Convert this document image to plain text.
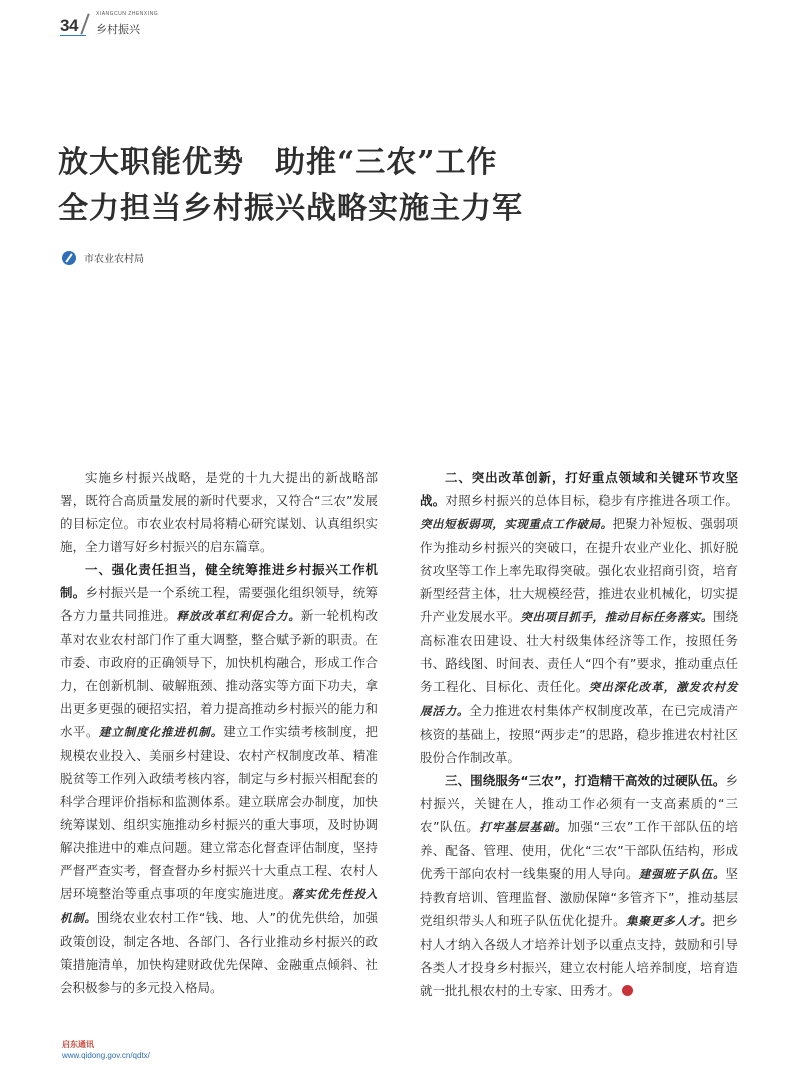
34
XIANGCUN ZHENXING
乡村振兴
放大职能优势　助推“三农”工作
全力担当乡村振兴战略实施主力军
市农业农村局

实施乡村振兴战略，是党的十九大提出的新战略部署，既符合高质量发展的新时代要求，又符合“三农”发展的目标定位。市农业农村局将精心研究谋划、认真组织实施，全力谱写好乡村振兴的启东篇章。

一、强化责任担当，健全统筹推进乡村振兴工作机制。乡村振兴是一个系统工程，需要强化组织领导，统筹各方力量共同推进。释放改革红利促合力。新一轮机构改革对农业农村部门作了重大调整，整合赋予新的职责。在市委、市政府的正确领导下，加快机构融合，形成工作合力，在创新机制、破解瓶颈、推动落实等方面下功夫，拿出更多更强的硬招实招，着力提高推动乡村振兴的能力和水平。建立制度化推进机制。建立工作实绩考核制度，把规模农业投入、美丽乡村建设、农村产权制度改革、精准脱贫等工作列入政绩考核内容，制定与乡村振兴相配套的科学合理评价指标和监测体系。建立联席会办制度，加快统筹谋划、组织实施推动乡村振兴的重大事项，及时协调解决推进中的难点问题。建立常态化督查评估制度，坚持严督严查实考，督查督办乡村振兴十大重点工程、农村人居环境整治等重点事项的年度实施进度。落实优先性投入机制。围绕农业农村工作“钱、地、人”的优先供给，加强政策创设，制定各地、各部门、各行业推动乡村振兴的政策措施清单，加快构建财政优先保障、金融重点倾斜、社会积极参与的多元投入格局。

二、突出改革创新，打好重点领域和关键环节攻坚战。对照乡村振兴的总体目标，稳步有序推进各项工作。突出短板弱项，实现重点工作破局。把聚力补短板、强弱项作为推动乡村振兴的突破口，在提升农业产业化、抓好脱贫攻坚等工作上率先取得突破。强化农业招商引资，培育新型经营主体，壮大规模经营，推进农业机械化，切实提升产业发展水平。突出项目抓手，推动目标任务落实。围绕高标准农田建设、壮大村级集体经济等工作，按照任务书、路线图、时间表、责任人“四个有”要求，推动重点任务工程化、目标化、责任化。突出深化改革，激发农村发展活力。全力推进农村集体产权制度改革，在已完成清产核资的基础上，按照“两步走”的思路，稳步推进农村社区股份合作制改革。

三、围绕服务“三农”，打造精干高效的过硬队伍。乡村振兴，关键在人，推动工作必须有一支高素质的“三农”队伍。打牢基层基础。加强“三农”工作干部队伍的培养、配备、管理、使用，优化“三农”干部队伍结构，形成优秀干部向农村一线集聚的用人导向。建强班子队伍。坚持教育培训、管理监督、激励保障“多管齐下”，推动基层党组织带头人和班子队伍优化提升。集聚更多人才。把乡村人才纳入各级人才培养计划予以重点支持，鼓励和引导各类人才投身乡村振兴，建立农村能人培养制度，培育造就一批扎根农村的土专家、田秀才。

启东通讯
www.qidong.gov.cn/qdtx/
